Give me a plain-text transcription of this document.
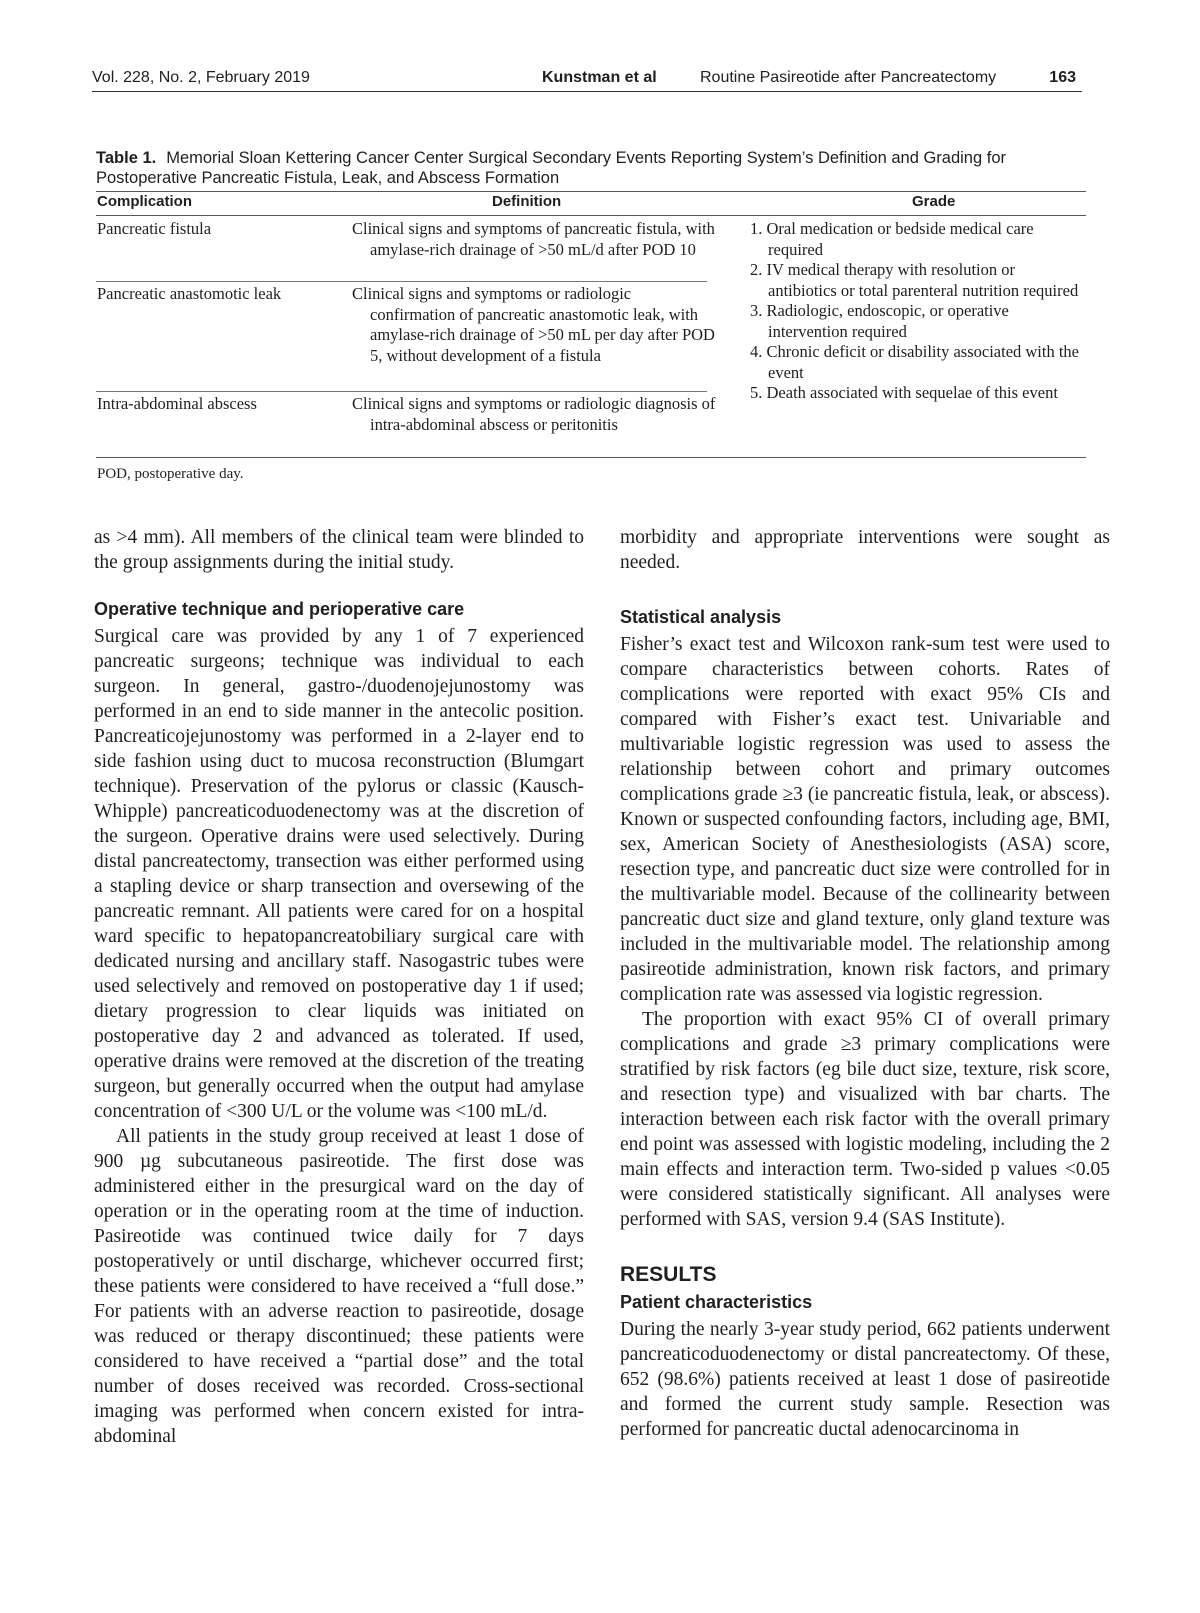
Vol. 228, No. 2, February 2019	Kunstman et al	Routine Pasireotide after Pancreatectomy	163
Table 1. Memorial Sloan Kettering Cancer Center Surgical Secondary Events Reporting System’s Definition and Grading for Postoperative Pancreatic Fistula, Leak, and Abscess Formation
Complication	Definition	Grade
Pancreatic fistula	Clinical signs and symptoms of pancreatic fistula, with amylase-rich drainage of >50 mL/d after POD 10
Pancreatic anastomotic leak	Clinical signs and symptoms or radiologic confirmation of pancreatic anastomotic leak, with amylase-rich drainage of >50 mL per day after POD 5, without development of a fistula
Intra-abdominal abscess	Clinical signs and symptoms or radiologic diagnosis of intra-abdominal abscess or peritonitis
1. Oral medication or bedside medical care required
2. IV medical therapy with resolution or antibiotics or total parenteral nutrition required
3. Radiologic, endoscopic, or operative intervention required
4. Chronic deficit or disability associated with the event
5. Death associated with sequelae of this event
POD, postoperative day.

as >4 mm). All members of the clinical team were blinded to the group assignments during the initial study.

Operative technique and perioperative care

Surgical care was provided by any 1 of 7 experienced pancreatic surgeons; technique was individual to each surgeon. In general, gastro-/duodenojejunostomy was performed in an end to side manner in the antecolic position. Pancreaticojejunostomy was performed in a 2-layer end to side fashion using duct to mucosa reconstruction (Blumgart technique). Preservation of the pylorus or classic (Kausch-Whipple) pancreaticoduodenectomy was at the discretion of the surgeon. Operative drains were used selectively. During distal pancreatectomy, transection was either performed using a stapling device or sharp transection and oversewing of the pancreatic remnant. All patients were cared for on a hospital ward specific to hepatopancreatobiliary surgical care with dedicated nursing and ancillary staff. Nasogastric tubes were used selectively and removed on postoperative day 1 if used; dietary progression to clear liquids was initiated on postoperative day 2 and advanced as tolerated. If used, operative drains were removed at the discretion of the treating surgeon, but generally occurred when the output had amylase concentration of <300 U/L or the volume was <100 mL/d.

All patients in the study group received at least 1 dose of 900 µg subcutaneous pasireotide. The first dose was administered either in the presurgical ward on the day of operation or in the operating room at the time of induction. Pasireotide was continued twice daily for 7 days postoperatively or until discharge, whichever occurred first; these patients were considered to have received a “full dose.” For patients with an adverse reaction to pasireotide, dosage was reduced or therapy discontinued; these patients were considered to have received a “partial dose” and the total number of doses received was recorded. Cross-sectional imaging was performed when concern existed for intra-abdominal

morbidity and appropriate interventions were sought as needed.

Statistical analysis

Fisher’s exact test and Wilcoxon rank-sum test were used to compare characteristics between cohorts. Rates of complications were reported with exact 95% CIs and compared with Fisher’s exact test. Univariable and multivariable logistic regression was used to assess the relationship between cohort and primary outcomes complications grade ≥3 (ie pancreatic fistula, leak, or abscess). Known or suspected confounding factors, including age, BMI, sex, American Society of Anesthesiologists (ASA) score, resection type, and pancreatic duct size were controlled for in the multivariable model. Because of the collinearity between pancreatic duct size and gland texture, only gland texture was included in the multivariable model. The relationship among pasireotide administration, known risk factors, and primary complication rate was assessed via logistic regression.

The proportion with exact 95% CI of overall primary complications and grade ≥3 primary complications were stratified by risk factors (eg bile duct size, texture, risk score, and resection type) and visualized with bar charts. The interaction between each risk factor with the overall primary end point was assessed with logistic modeling, including the 2 main effects and interaction term. Two-sided p values <0.05 were considered statistically significant. All analyses were performed with SAS, version 9.4 (SAS Institute).

RESULTS
Patient characteristics

During the nearly 3-year study period, 662 patients underwent pancreaticoduodenectomy or distal pancreatectomy. Of these, 652 (98.6%) patients received at least 1 dose of pasireotide and formed the current study sample. Resection was performed for pancreatic ductal adenocarcinoma in
